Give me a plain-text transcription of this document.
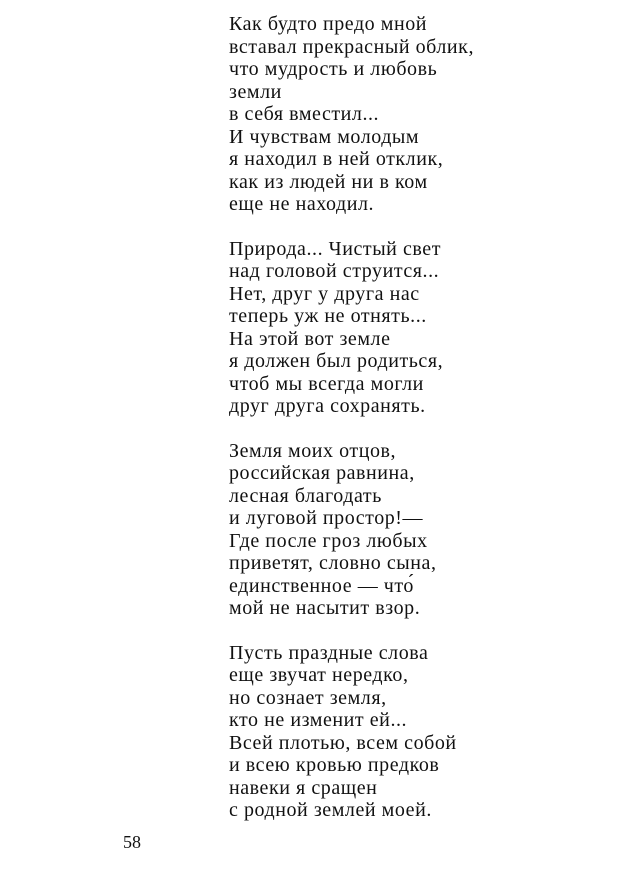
Как будто предо мной
вставал прекрасный облик,
что мудрость и любовь
земли
в себя вместил...
И чувствам молодым
я находил в ней отклик,
как из людей ни в ком
еще не находил.
Природа... Чистый свет
над головой струится...
Нет, друг у друга нас
теперь уж не отнять...
На этой вот земле
я должен был родиться,
чтоб мы всегда могли
друг друга сохранять.
Земля моих отцов,
российская равнина,
лесная благодать
и луговой простор!—
Где после гроз любых
приветят, словно сына,
единственное — что́
мой не насытит взор.
Пусть праздные слова
еще звучат нередко,
но сознает земля,
кто не изменит ей...
Всей плотью, всем собой
и всею кровью предков
навеки я сращен
с родной землей моей.
58
